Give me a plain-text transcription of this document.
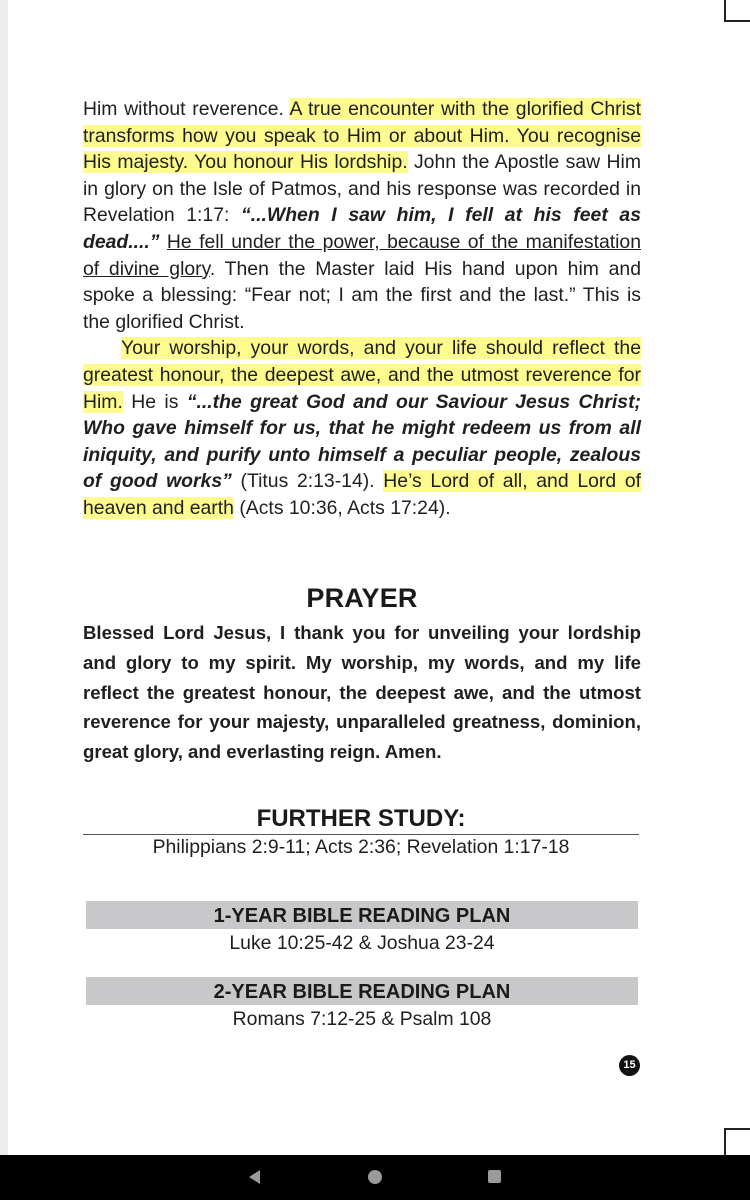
Him without reverence. A true encounter with the glorified Christ transforms how you speak to Him or about Him. You recognise His majesty. You honour His lordship. John the Apostle saw Him in glory on the Isle of Patmos, and his response was recorded in Revelation 1:17: “...When I saw him, I fell at his feet as dead....” He fell under the power, because of the manifestation of divine glory. Then the Master laid His hand upon him and spoke a blessing: “Fear not; I am the first and the last.” This is the glorified Christ.

Your worship, your words, and your life should reflect the greatest honour, the deepest awe, and the utmost reverence for Him. He is “...the great God and our Saviour Jesus Christ; Who gave himself for us, that he might redeem us from all iniquity, and purify unto himself a peculiar people, zealous of good works” (Titus 2:13-14). He’s Lord of all, and Lord of heaven and earth (Acts 10:36, Acts 17:24).

PRAYER
Blessed Lord Jesus, I thank you for unveiling your lordship and glory to my spirit. My worship, my words, and my life reflect the greatest honour, the deepest awe, and the utmost reverence for your majesty, unparalleled greatness, dominion, great glory, and everlasting reign. Amen.
FURTHER STUDY:
Philippians 2:9-11; Acts 2:36; Revelation 1:17-18
1-YEAR BIBLE READING PLAN
Luke 10:25-42 & Joshua 23-24
2-YEAR BIBLE READING PLAN
Romans 7:12-25 & Psalm 108
15
